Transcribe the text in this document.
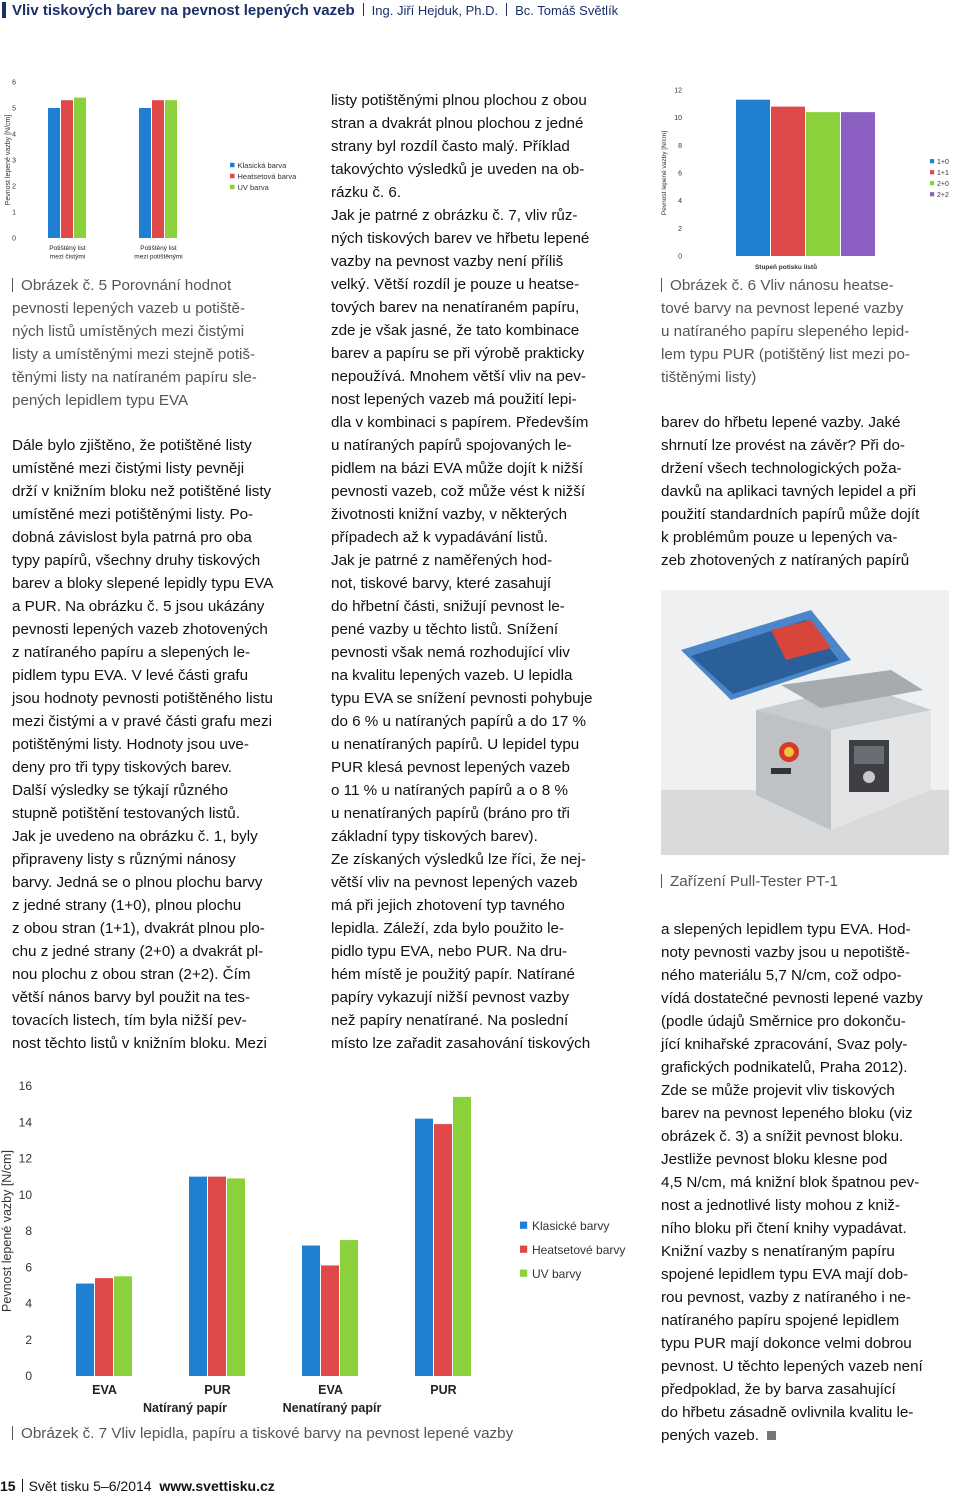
Vliv tiskových barev na pevnost lepených vazeb Ing. Jiří Hejduk, Ph.D. Bc. Tomáš Světlík
0
1
2
3
4
5
6
Pevnost lepené vazby [N/cm]
Potištěný list
mezi čistými
Potištěný list
mezi potištěnými
Klasická barva
Heatsetová barva
UV barva
Obrázek č. 5 Porovnání hodnot
pevnosti lepených vazeb u potiště-
ných listů umístěných mezi čistými
listy a umístěnými mezi stejně potiš-
těnými listy na natíraném papíru sle-
pených lepidlem typu EVA
Dále bylo zjištěno, že potištěné listy
umístěné mezi čistými listy pevněji
drží v knižním bloku než potištěné listy
umístěné mezi potištěnými listy. Po-
dobná závislost byla patrná pro oba
typy papírů, všechny druhy tiskových
barev a bloky slepené lepidly typu EVA
a PUR. Na obrázku č. 5 jsou ukázány
pevnosti lepených vazeb zhotovených
z natíraného papíru a slepených le-
pidlem typu EVA. V levé části grafu
jsou hodnoty pevnosti potištěného listu
mezi čistými a v pravé části grafu mezi
potištěnými listy. Hodnoty jsou uve-
deny pro tři typy tiskových barev.
Další výsledky se týkají různého
stupně potištění testovaných listů.
Jak je uvedeno na obrázku č. 1, byly
připraveny listy s různými nánosy
barvy. Jedná se o plnou plochu barvy
z jedné strany (1+0), plnou plochu
z obou stran (1+1), dvakrát plnou plo-
chu z jedné strany (2+0) a dvakrát pl-
nou plochu z obou stran (2+2). Čím
větší nános barvy byl použit na tes-
tovacích listech, tím byla nižší pev-
nost těchto listů v knižním bloku. Mezi
listy potištěnými plnou plochou z obou
stran a dvakrát plnou plochou z jedné
strany byl rozdíl často malý. Příklad
takovýchto výsledků je uveden na ob-
rázku č. 6.
Jak je patrné z obrázku č. 7, vliv růz-
ných tiskových barev ve hřbetu lepené
vazby na pevnost vazby není příliš
velký. Větší rozdíl je pouze u heatse-
tových barev na nenatíraném papíru,
zde je však jasné, že tato kombinace
barev a papíru se při výrobě prakticky
nepoužívá. Mnohem větší vliv na pev-
nost lepených vazeb má použití lepi-
dla v kombinaci s papírem. Především
u natíraných papírů spojovaných le-
pidlem na bázi EVA může dojít k nižší
pevnosti vazeb, což může vést k nižší
životnosti knižní vazby, v některých
případech až k vypadávání listů.
Jak je patrné z naměřených hod-
not, tiskové barvy, které zasahují
do hřbetní části, snižují pevnost le-
pené vazby u těchto listů. Snížení
pevnosti však nemá rozhodující vliv
na kvalitu lepených vazeb. U lepidla
typu EVA se snížení pevnosti pohybuje
do 6 % u natíraných papírů a do 17 %
u nenatíraných papírů. U lepidel typu
PUR klesá pevnost lepených vazeb
o 11 % u natíraných papírů a o 8 %
u nenatíraných papírů (bráno pro tři
základní typy tiskových barev).
Ze získaných výsledků lze říci, že nej-
větší vliv na pevnost lepených vazeb
má při jejich zhotovení typ tavného
lepidla. Záleží, zda bylo použito le-
pidlo typu EVA, nebo PUR. Na dru-
hém místě je použitý papír. Natírané
papíry vykazují nižší pevnost vazby
než papíry nenatírané. Na poslední
místo lze zařadit zasahování tiskových
0
2
4
6
8
10
12
Pevnost lepené vazby [N/cm]	1+0
1+1
2+0
2+2
Stupeň potisku listů
Obrázek č. 6 Vliv nánosu heatse-
tové barvy na pevnost lepené vazby
u natíraného papíru slepeného lepid-
lem typu PUR (potištěný list mezi po-
tištěnými listy)
barev do hřbetu lepené vazby. Jaké
shrnutí lze provést na závěr? Při do-
držení všech technologických poža-
davků na aplikaci tavných lepidel a při
použití standardních papírů může dojít
k problémům pouze u lepených va-
zeb zhotovených z natíraných papírů
Zařízení Pull-Tester PT-1
a slepených lepidlem typu EVA. Hod-
noty pevnosti vazby jsou u nepotiště-
ného materiálu 5,7 N/cm, což odpo-
vídá dostatečné pevnosti lepené vazby
(podle údajů Směrnice pro dokonču-
jící knihařské zpracování, Svaz poly-
grafických podnikatelů, Praha 2012).
Zde se může projevit vliv tiskových
barev na pevnost lepeného bloku (viz
obrázek č. 3) a snížit pevnost bloku.
Jestliže pevnost bloku klesne pod
4,5 N/cm, má knižní blok špatnou pev-
nost a jednotlivé listy mohou z kniž-
ního bloku při čtení knihy vypadávat.
Knižní vazby s nenatíraným papíru
spojené lepidlem typu EVA mají dob-
rou pevnost, vazby z natíraného i ne-
natíraného papíru spojené lepidlem
typu PUR mají dokonce velmi dobrou
pevnost. U těchto lepených vazeb není
předpoklad, že by barva zasahující
do hřbetu zásadně ovlivnila kvalitu le-
pených vazeb.
0
2
4
6
8
10
12
14
16
Pevnost lepené vazby [N/cm]
EVA	PUR	EVA	PUR
Klasické barvy
Heatsetové barvy
UV barvy
Natíraný papír	Nenatíraný papír
Obrázek č. 7 Vliv lepidla, papíru a tiskové barvy na pevnost lepené vazby
15 Svět tisku 5–6/2014 www.svettisku.cz
